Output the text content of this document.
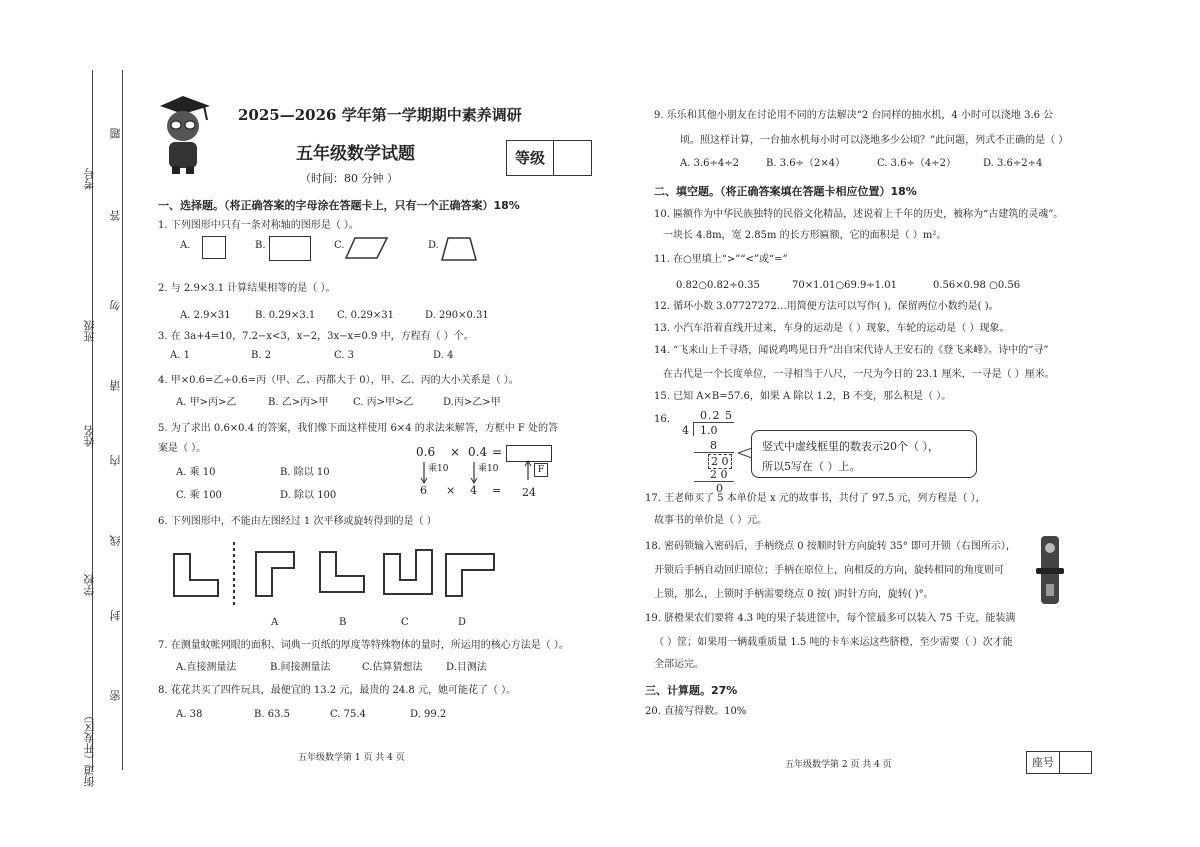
考号
班级
姓名
学校
街道（开发区）
题
答
勿
请
内
线
封
密
2025—2026 学年第一学期期中素养调研
五年级数学试题
（时间：80 分钟 ）
等级
一、选择题。（将正确答案的字母涂在答题卡上，只有一个正确答案）18%
1. 下列图形中只有一条对称轴的图形是（ ）。
A.	B.	C.	D.
2. 与 2.9×3.1 计算结果相等的是（ ）。
A. 2.9×31 B. 0.29×3.1 C. 0.29×31	D. 290×0.31
3. 在 3a+4=10，7.2−x<3，x−2，3x−x=0.9 中，方程有（ ）个。
A. 1	B. 2	C. 3	D. 4
4. 甲×0.6=乙÷0.6=丙（甲、乙、丙都大于 0），甲、乙、丙的大小关系是（ ）。
A. 甲>丙>乙	B. 乙>丙>甲 C. 丙>甲>乙	D.丙>乙>甲
5. 为了求出 0.6×0.4 的答案，我们像下面这样使用 6×4 的求法来解答，方框中 F 处的答
案是（ ）。
A. 乘 10	B. 除以 10
C. 乘 100	D. 除以 100
0.6 × 0.4 =
乘10	乘10	F
6 × 4 = 24
6. 下列图形中，不能由左图经过 1 次平移或旋转得到的是（ ）
A	B	C	D
7. 在测量蚊帐网眼的面积、词典一页纸的厚度等特殊物体的量时，所运用的核心方法是（ ）。
A.直接测量法	B.间接测量法	C.估算猜想法 D.目测法
8. 花花共买了四件玩具，最便宜的 13.2 元，最贵的 24.8 元，她可能花了（ ）。
A. 38	B. 63.5	C. 75.4	D. 99.2
五年级数学第 1 页 共 4 页
9. 乐乐和其他小朋友在讨论用不同的方法解决“2 台同样的抽水机，4 小时可以浇地 3.6 公
顷。照这样计算，一台抽水机每小时可以浇地多少公顷？”此问题，列式不正确的是（ ）
A. 3.6÷4÷2	B. 3.6÷（2×4）	C. 3.6÷（4÷2）	D. 3.6÷2÷4
二、填空题。（将正确答案填在答题卡相应位置）18%
10. 匾额作为中华民族独特的民俗文化精品，述说着上千年的历史，被称为“古建筑的灵魂”。
一块长 4.8m，宽 2.85m 的长方形匾额，它的面积是（ ）m²。
11. 在○里填上“>”“<”或“=”
0.82○0.82÷0.35	70×1.01○69.9÷1.01	0.56×0.98 ○0.56
12. 循环小数 3.07727272…用简便方法可以写作( )，保留两位小数约是( )。
13. 小汽车沿着直线开过来，车身的运动是（ ）现象，车轮的运动是（ ）现象。
14. “飞来山上千寻塔，闻说鸡鸣见日升”出自宋代诗人王安石的《登飞来峰》。诗中的“寻”
在古代是一个长度单位，一寻相当于八尺，一尺为今日的 23.1 厘米，一寻是（ ）厘米。
15. 已知 A×B=57.6，如果 A 除以 1.2，B 不变，那么积是（ ）。
16.	0.2 5
4 1.0
8
2 0
2 0
0
竖式中虚线框里的数表示20个（ ），
所以5写在（ ）上。
17. 王老师买了 5 本单价是 x 元的故事书，共付了 97.5 元，列方程是（ ），
故事书的单价是（ ）元。
18. 密码锁输入密码后，手柄绕点 0 按顺时针方向旋转 35° 即可开锁（右图所示），
开锁后手柄自动回归原位；手柄在原位上，向相反的方向，旋转相同的角度则可
上锁，那么，上锁时手柄需要绕点 0 按( )时针方向，旋转( )°。
19. 脐橙果农们要将 4.3 吨的果子装进筐中，每个筐最多可以装入 75 千克，能装满
（ ）筐；如果用一辆载重质量 1.5 吨的卡车来运这些脐橙，至少需要（ ）次才能
全部运完。
三、计算题。27%
20. 直接写得数。10%
五年级数学第 2 页 共 4 页	座号
